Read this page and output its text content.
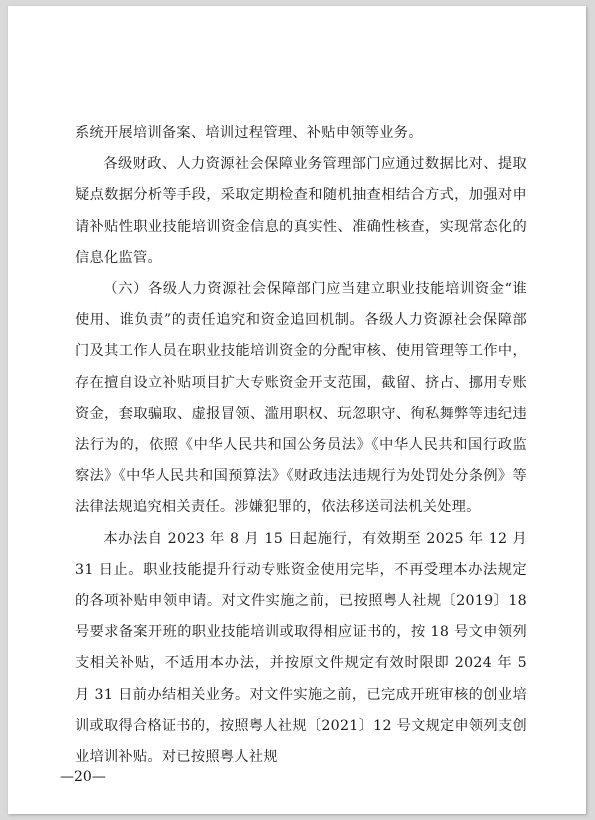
系统开展培训备案、培训过程管理、补贴申领等业务。

各级财政、人力资源社会保障业务管理部门应通过数据比对、提取疑点数据分析等手段，采取定期检查和随机抽查相结合方式，加强对申请补贴性职业技能培训资金信息的真实性、准确性核查，实现常态化的信息化监管。

（六）各级人力资源社会保障部门应当建立职业技能培训资金“谁使用、谁负责”的责任追究和资金追回机制。各级人力资源社会保障部门及其工作人员在职业技能培训资金的分配审核、使用管理等工作中，存在擅自设立补贴项目扩大专账资金开支范围，截留、挤占、挪用专账资金，套取骗取、虚报冒领、滥用职权、玩忽职守、徇私舞弊等违纪违法行为的，依照《中华人民共和国公务员法》《中华人民共和国行政监察法》《中华人民共和国预算法》《财政违法违规行为处罚处分条例》等法律法规追究相关责任。涉嫌犯罪的，依法移送司法机关处理。

本办法自 2023 年 8 月 15 日起施行，有效期至 2025 年 12 月 31 日止。职业技能提升行动专账资金使用完毕，不再受理本办法规定的各项补贴申领申请。对文件实施之前，已按照粤人社规〔2019〕18 号要求备案开班的职业技能培训或取得相应证书的，按 18 号文申领列支相关补贴，不适用本办法，并按原文件规定有效时限即 2024 年 5 月 31 日前办结相关业务。对文件实施之前，已完成开班审核的创业培训或取得合格证书的，按照粤人社规〔2021〕12 号文规定申领列支创业培训补贴。对已按照粤人社规

—20—
